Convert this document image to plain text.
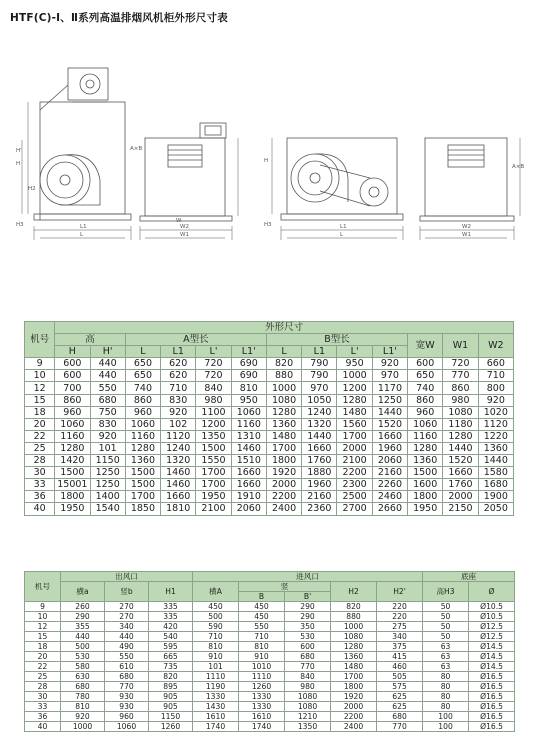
HTF(C)-Ⅰ、Ⅱ系列高温排烟风机柜外形尺寸表
H'
H
A×B
H2
H3	L1
L
W
W2
W1
H
H3	L1
L
A×B
W2
W1
机号	外形尺寸												
	高		A型长				B型长				宽W	W1	W2
	H	H'	L	L1	L'	L1'	L	L1	L'	L1'			
9	600	440	650	620	720	690	820	790	950	920	600	720	660
10	600	440	650	620	720	690	880	790	1000	970	650	770	710
12	700	550	740	710	840	810	1000	970	1200	1170	740	860	800
15	860	680	860	830	980	950	1080	1050	1280	1250	860	980	920
18	960	750	960	920	1100	1060	1280	1240	1480	1440	960	1080	1020
20	1060	830	1060	102	1200	1160	1360	1320	1560	1520	1060	1180	1120
22	1160	920	1160	1120	1350	1310	1480	1440	1700	1660	1160	1280	1220
25	1280	101	1280	1240	1500	1460	1700	1660	2000	1960	1280	1440	1360
28	1420	1150	1360	1320	1550	1510	1800	1760	2100	2060	1360	1520	1440
30	1500	1250	1500	1460	1700	1660	1920	1880	2200	2160	1500	1660	1580
33	15001	1250	1500	1460	1700	1660	2000	1960	2300	2260	1600	1760	1680
36	1800	1400	1700	1660	1950	1910	2200	2160	2500	2460	1800	2000	1900
40	1950	1540	1850	1810	2100	2060	2400	2360	2700	2660	1950	2150	2050
机号	出风口			进风口					底座	
	横a	竖b	H1	横A	竖		H2	H2'	高H3	Ø
					B	B'				
9	260	270	335	450	450	290	820	220	50	Ø10.5
10	290	270	335	500	450	290	880	220	50	Ø10.5
12	355	340	420	590	550	350	1000	275	50	Ø12.5
15	440	440	540	710	710	530	1080	340	50	Ø12.5
18	500	490	595	810	810	600	1280	375	63	Ø14.5
20	530	550	665	910	910	680	1360	415	63	Ø14.5
22	580	610	735	101	1010	770	1480	460	63	Ø14.5
25	630	680	820	1110	1110	840	1700	505	80	Ø16.5
28	680	770	895	1190	1260	980	1800	575	80	Ø16.5
30	780	930	905	1330	1330	1080	1920	625	80	Ø16.5
33	810	930	905	1430	1330	1080	2000	625	80	Ø16.5
36	920	960	1150	1610	1610	1210	2200	680	100	Ø16.5
40	1000	1060	1260	1740	1740	1350	2400	770	100	Ø16.5
